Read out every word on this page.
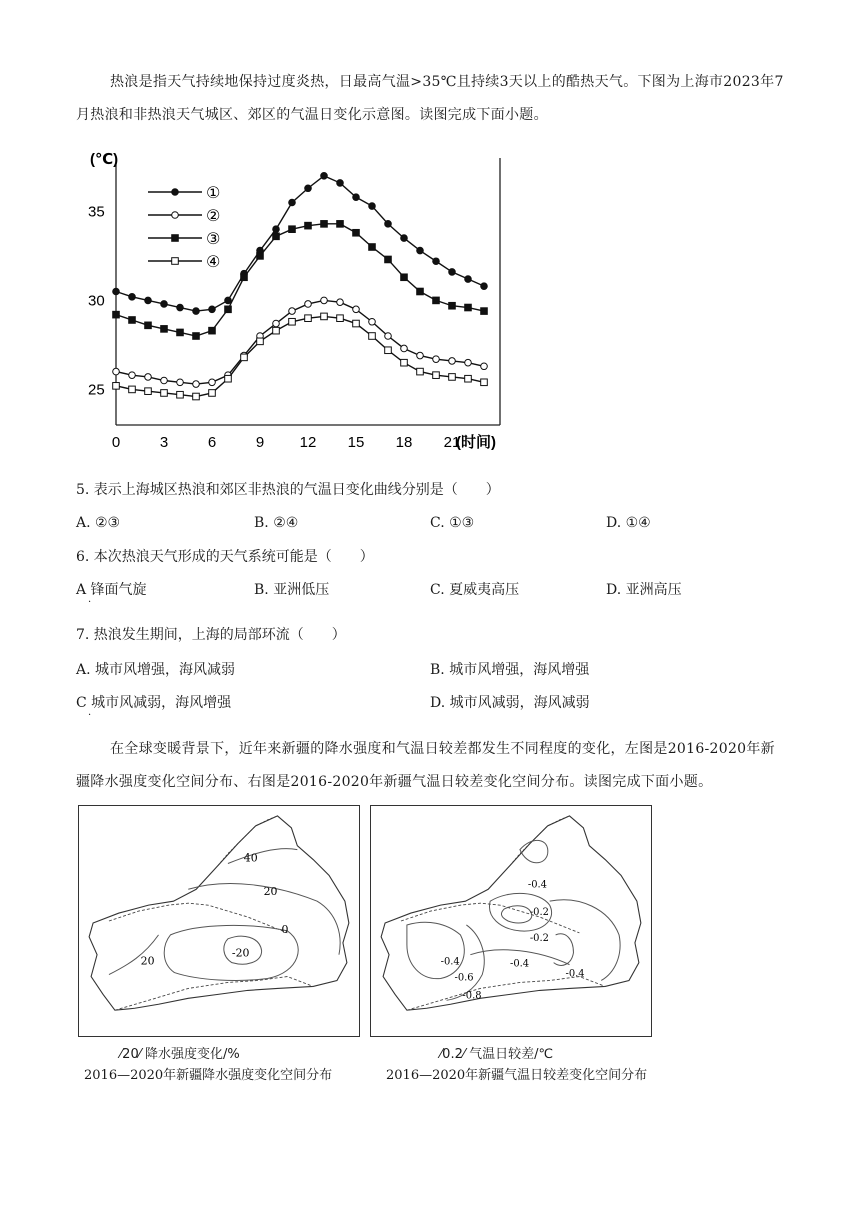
热浪是指天气持续地保持过度炎热，日最高气温>35℃且持续3天以上的酷热天气。下图为上海市2023年7月热浪和非热浪天气城区、郊区的气温日变化示意图。读图完成下面小题。
(℃)
25
30
35
0	3	6	9 12 15 18 21
(时间)
①
②
③
④
5. 表示上海城区热浪和郊区非热浪的气温日变化曲线分别是（　　）
A. ②③	B. ②④	C. ①③	D. ①④
6. 本次热浪天气形成的天气系统可能是（　　）
A 锋面气旋
·
B. 亚洲低压	C. 夏威夷高压	D. 亚洲高压
7. 热浪发生期间，上海的局部环流（　　）
A. 城市风增强，海风减弱	B. 城市风增强，海风增强
C 城市风减弱，海风增强
·
D. 城市风减弱，海风减弱
在全球变暖背景下，近年来新疆的降水强度和气温日较差都发生不同程度的变化，左图是2016-2020年新疆降水强度变化空间分布、右图是2016-2020年新疆气温日较差变化空间分布。读图完成下面小题。
40
20
0
20
-20
⁄20⁄ 降水强度变化/%
2016—2020年新疆降水强度变化空间分布
-0.4
-0.2
-0.2
-0.4
-0.4
-0.4
-0.6
-0.8
⁄0.2⁄ 气温日较差/℃
2016—2020年新疆气温日较差变化空间分布
